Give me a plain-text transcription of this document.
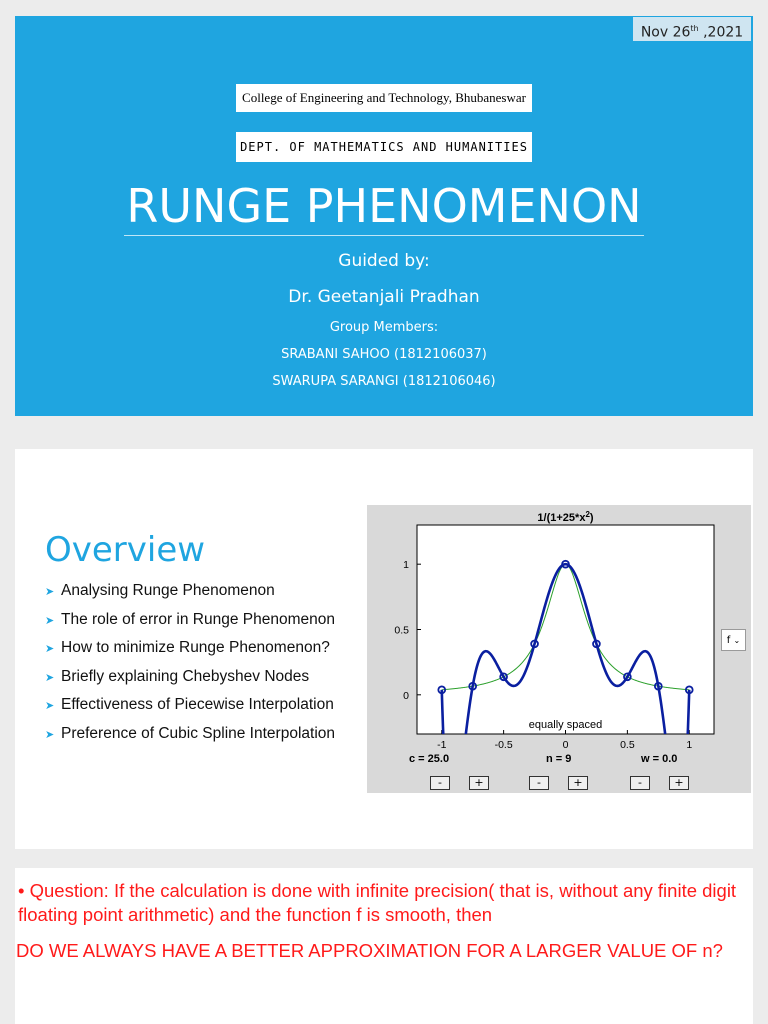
Nov 26th ,2021
College of Engineering and Technology, Bhubaneswar
DEPT. OF MATHEMATICS AND HUMANITIES
RUNGE PHENOMENON
Guided by:
Dr. Geetanjali Pradhan
Group Members:
SRABANI SAHOO (1812106037)
SWARUPA SARANGI (1812106046)
Overview
➤ Analysing Runge Phenomenon
➤ The role of error in Runge Phenomenon
➤ How to minimize Runge Phenomenon?
➤ Briefly explaining Chebyshev Nodes
➤ Effectiveness of Piecewise Interpolation
➤ Preference of Cubic Spline Interpolation
$1/(1+25*x^2)$
-1	-0.5	0	0.5	1
0
0.5
1
equally spaced
f ⌄
c = 25.0	n = 9	w = 0.0
-	+	-	+	-	+
• Question: If the calculation is done with infinite precision( that is, without any finite digit floating point arithmetic) and the function f is smooth, then
DO WE ALWAYS HAVE A BETTER APPROXIMATION FOR A LARGER VALUE OF n?
